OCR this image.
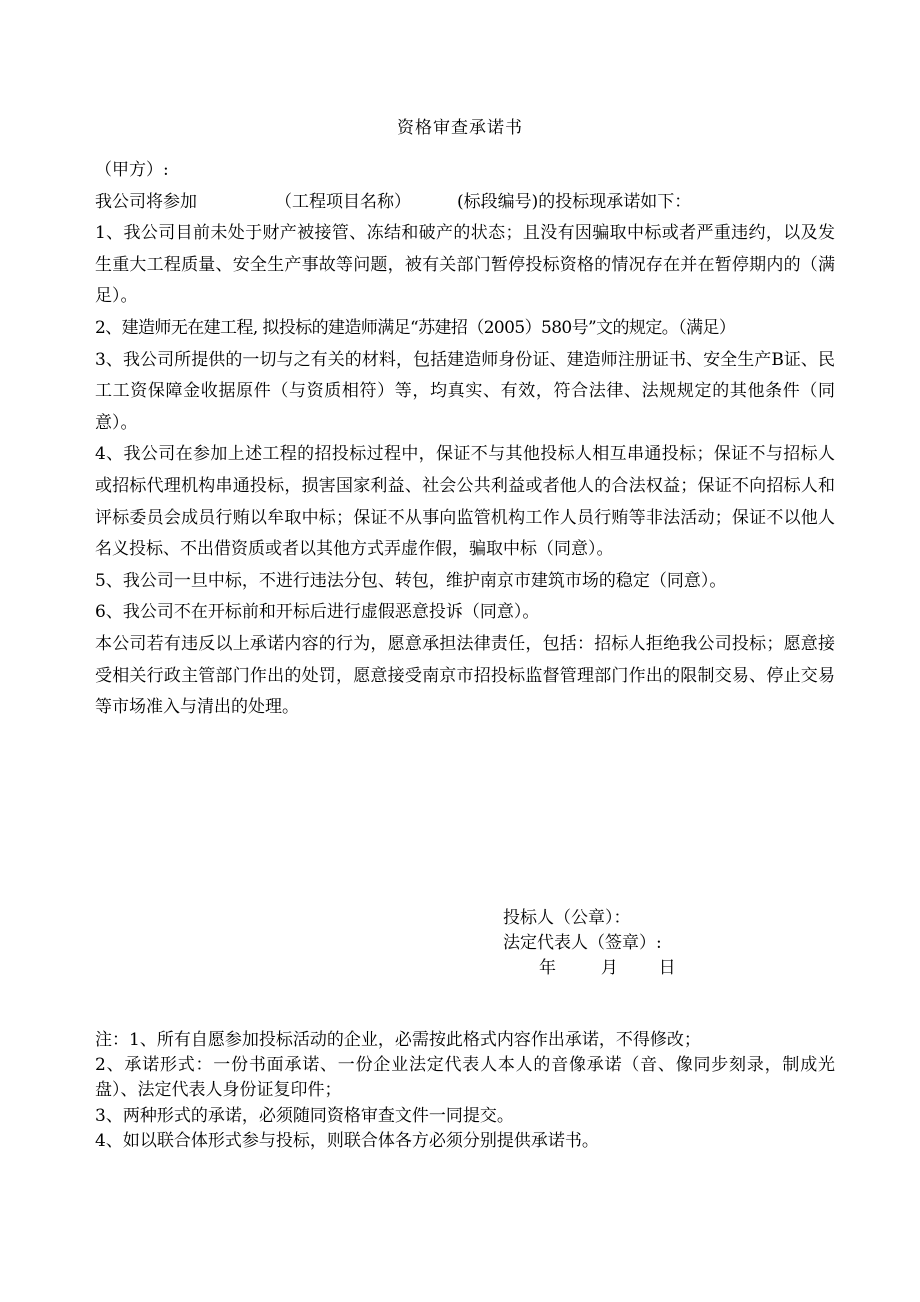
资格审查承诺书

（甲方）:

我公司将参加	（工程项目名称）	(标段编号)的投标现承诺如下：

1、我公司目前未处于财产被接管、冻结和破产的状态；且没有因骗取中标或者严重违约，以及发生重大工程质量、安全生产事故等问题，被有关部门暂停投标资格的情况存在并在暂停期内的（满足）。

2、建造师无在建工程, 拟投标的建造师满足“苏建招（2005）580号”文的规定。（满足）

3、我公司所提供的一切与之有关的材料，包括建造师身份证、建造师注册证书、安全生产B证、民工工资保障金收据原件（与资质相符）等，均真实、有效，符合法律、法规规定的其他条件（同意）。

4、我公司在参加上述工程的招投标过程中，保证不与其他投标人相互串通投标；保证不与招标人或招标代理机构串通投标，损害国家利益、社会公共利益或者他人的合法权益；保证不向招标人和评标委员会成员行贿以牟取中标；保证不从事向监管机构工作人员行贿等非法活动；保证不以他人名义投标、不出借资质或者以其他方式弄虚作假，骗取中标（同意）。

5、我公司一旦中标，不进行违法分包、转包，维护南京市建筑市场的稳定（同意）。

6、我公司不在开标前和开标后进行虚假恶意投诉（同意）。

本公司若有违反以上承诺内容的行为，愿意承担法律责任，包括：招标人拒绝我公司投标；愿意接受相关行政主管部门作出的处罚，愿意接受南京市招投标监督管理部门作出的限制交易、停止交易等市场准入与清出的处理。

投标人（公章）：
法定代表人（签章）:
年	月 日

注：1、所有自愿参加投标活动的企业，必需按此格式内容作出承诺，不得修改；

2、承诺形式：一份书面承诺、一份企业法定代表人本人的音像承诺（音、像同步刻录，制成光盘）、法定代表人身份证复印件；

3、两种形式的承诺，必须随同资格审查文件一同提交。

4、如以联合体形式参与投标，则联合体各方必须分别提供承诺书。
